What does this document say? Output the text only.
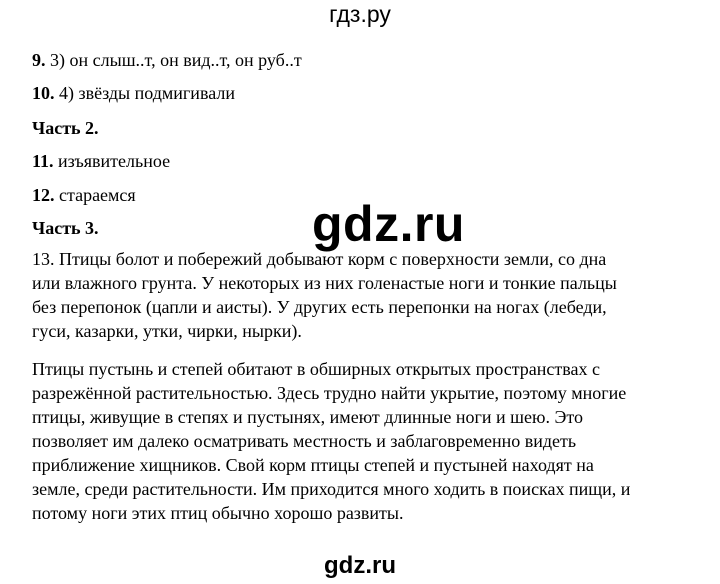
гдз.ру
9. 3) он слыш..т, он вид..т, он руб..т
10. 4) звёзды подмигивали
Часть 2.
11. изъявительное
12. стараемся
Часть 3.	gdz.ru
13. Птицы болот и побережий добывают корм с поверхности земли, со дна
или влажного грунта. У некоторых из них голенастые ноги и тонкие пальцы
без перепонок (цапли и аисты). У других есть перепонки на ногах (лебеди,
гуси, казарки, утки, чирки, нырки).
Птицы пустынь и степей обитают в обширных открытых пространствах с
разрежённой растительностью. Здесь трудно найти укрытие, поэтому многие
птицы, живущие в степях и пустынях, имеют длинные ноги и шею. Это
позволяет им далеко осматривать местность и заблаговременно видеть
приближение хищников. Свой корм птицы степей и пустыней находят на
земле, среди растительности. Им приходится много ходить в поисках пищи, и
потому ноги этих птиц обычно хорошо развиты.
gdz.ru
